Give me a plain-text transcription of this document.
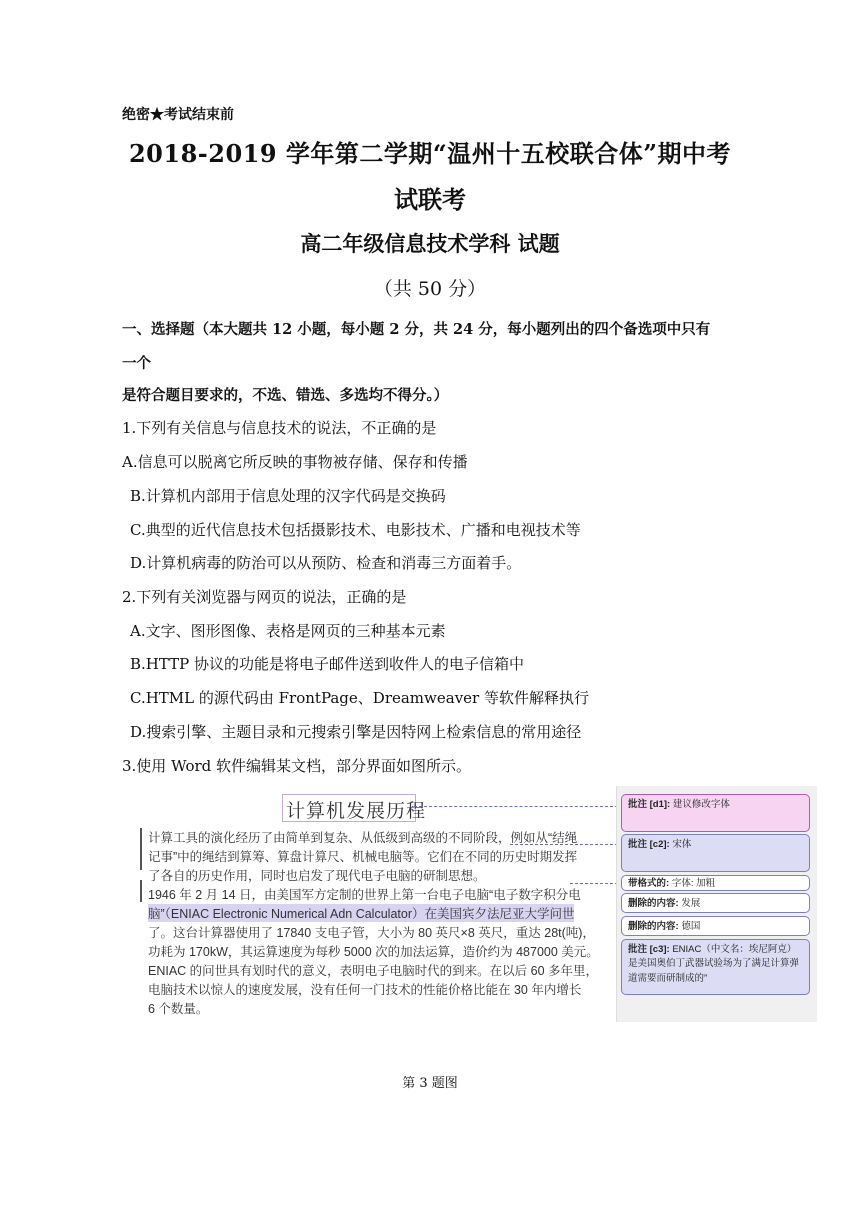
绝密★考试结束前
2018-2019 学年第二学期“温州十五校联合体”期中考
试联考
高二年级信息技术学科 试题
（共 50 分）
一、选择题（本大题共 12 小题，每小题 2 分，共 24 分，每小题列出的四个备选项中只有
一个
是符合题目要求的，不选、错选、多选均不得分。）
1.下列有关信息与信息技术的说法，不正确的是
A.信息可以脱离它所反映的事物被存储、保存和传播
B.计算机内部用于信息处理的汉字代码是交换码
C.典型的近代信息技术包括摄影技术、电影技术、广播和电视技术等
D.计算机病毒的防治可以从预防、检查和消毒三方面着手。
2.下列有关浏览器与网页的说法，正确的是
A.文字、图形图像、表格是网页的三种基本元素
B.HTTP 协议的功能是将电子邮件送到收件人的电子信箱中
C.HTML 的源代码由 FrontPage、Dreamweaver 等软件解释执行
D.搜索引擎、主题目录和元搜索引擎是因特网上检索信息的常用途径
3.使用 Word 软件编辑某文档，部分界面如图所示。
计算机发展历程
计算工具的演化经历了由简单到复杂、从低级到高级的不同阶段，例如从“结绳
记事”中的绳结到算筹、算盘计算尺、机械电脑等。它们在不同的历史时期发挥
了各自的历史作用，同时也启发了现代电子电脑的研制思想。
1946 年 2 月 14 日，由美国军方定制的世界上第一台电子电脑“电子数字积分电
脑”（ENIAC Electronic Numerical Adn Calculator）在美国宾夕法尼亚大学问世
了。这台计算器使用了 17840 支电子管，大小为 80 英尺×8 英尺，重达 28t(吨)，
功耗为 170kW，其运算速度为每秒 5000 次的加法运算，造价约为 487000 美元。
ENIAC 的问世具有划时代的意义，表明电子电脑时代的到来。在以后 60 多年里，
电脑技术以惊人的速度发展，没有任何一门技术的性能价格比能在 30 年内增长
6 个数量。
批注 [d1]: 建议修改字体
批注 [c2]: 宋体
带格式的: 字体: 加粗
删除的内容: 发展
删除的内容: 德国
批注 [c3]: ENIAC（中文名：埃尼阿克）是美国奥伯丁武器试验场为了满足计算弹道需要而研制成的”
第 3 题图
